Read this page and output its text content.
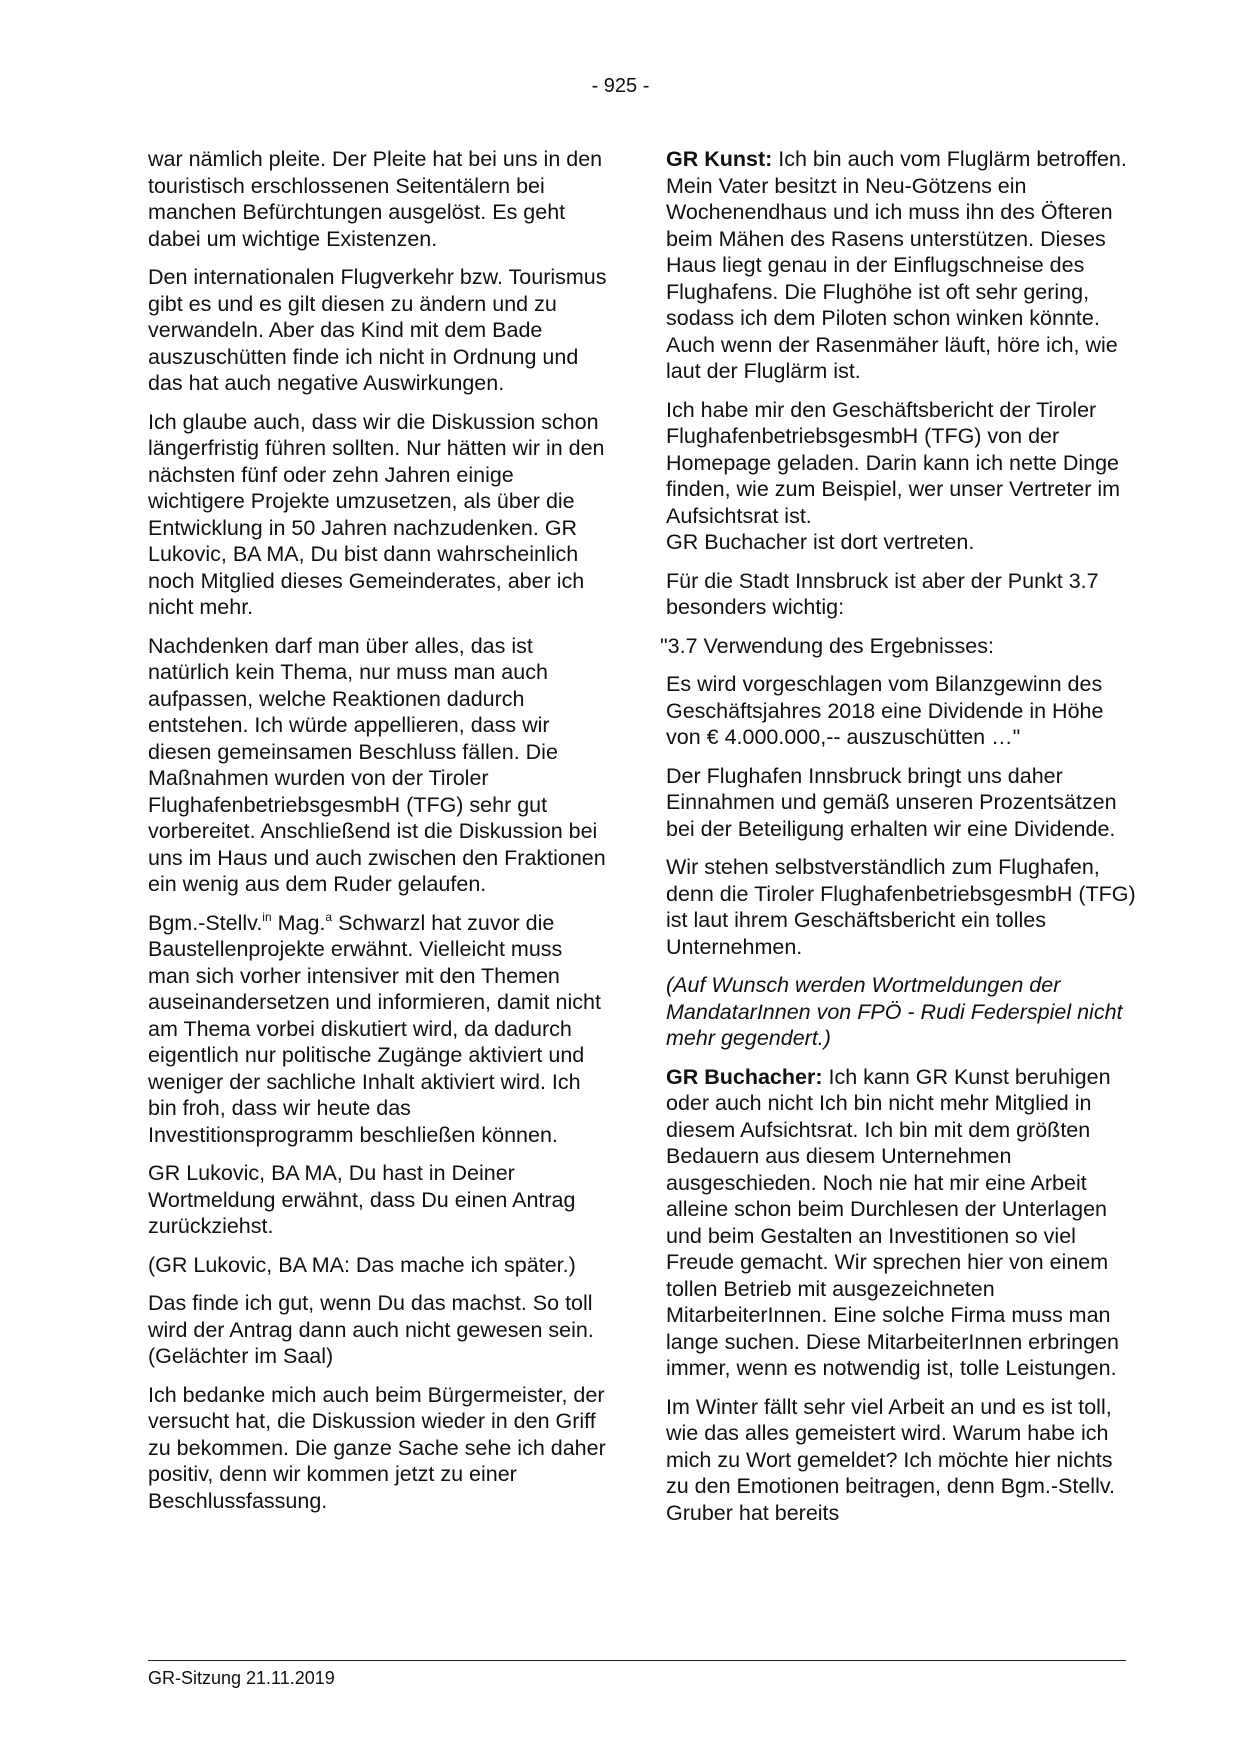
- 925 -

war nämlich pleite. Der Pleite hat bei uns in den touristisch erschlossenen Seitentälern bei manchen Befürchtungen ausgelöst. Es geht dabei um wichtige Existenzen.

Den internationalen Flugverkehr bzw. Tourismus gibt es und es gilt diesen zu ändern und zu verwandeln. Aber das Kind mit dem Bade auszuschütten finde ich nicht in Ordnung und das hat auch negative Auswirkungen.

Ich glaube auch, dass wir die Diskussion schon längerfristig führen sollten. Nur hätten wir in den nächsten fünf oder zehn Jahren einige wichtigere Projekte umzusetzen, als über die Entwicklung in 50 Jahren nachzudenken. GR Lukovic, BA MA, Du bist dann wahrscheinlich noch Mitglied dieses Gemeinderates, aber ich nicht mehr.

Nachdenken darf man über alles, das ist natürlich kein Thema, nur muss man auch aufpassen, welche Reaktionen dadurch entstehen. Ich würde appellieren, dass wir diesen gemeinsamen Beschluss fällen. Die Maßnahmen wurden von der Tiroler FlughafenbetriebsgesmbH (TFG) sehr gut vorbereitet. Anschließend ist die Diskussion bei uns im Haus und auch zwischen den Fraktionen ein wenig aus dem Ruder gelaufen.

Bgm.-Stellv.$^{in}$ Mag.$^a$ Schwarzl hat zuvor die Baustellenprojekte erwähnt. Vielleicht muss man sich vorher intensiver mit den Themen auseinandersetzen und informieren, damit nicht am Thema vorbei diskutiert wird, da dadurch eigentlich nur politische Zugänge aktiviert und weniger der sachliche Inhalt aktiviert wird. Ich bin froh, dass wir heute das Investitionsprogramm beschließen können.

GR Lukovic, BA MA, Du hast in Deiner Wortmeldung erwähnt, dass Du einen Antrag zurückziehst.

(GR Lukovic, BA MA: Das mache ich später.)

Das finde ich gut, wenn Du das machst. So toll wird der Antrag dann auch nicht gewesen sein. (Gelächter im Saal)

Ich bedanke mich auch beim Bürgermeister, der versucht hat, die Diskussion wieder in den Griff zu bekommen. Die ganze Sache sehe ich daher positiv, denn wir kommen jetzt zu einer Beschlussfassung.

GR Kunst: Ich bin auch vom Fluglärm betroffen. Mein Vater besitzt in Neu-Götzens ein Wochenendhaus und ich muss ihn des Öfteren beim Mähen des Rasens unterstützen. Dieses Haus liegt genau in der Einflugschneise des Flughafens. Die Flughöhe ist oft sehr gering, sodass ich dem Piloten schon winken könnte. Auch wenn der Rasenmäher läuft, höre ich, wie laut der Fluglärm ist.

Ich habe mir den Geschäftsbericht der Tiroler FlughafenbetriebsgesmbH (TFG) von der Homepage geladen. Darin kann ich nette Dinge finden, wie zum Beispiel, wer unser Vertreter im Aufsichtsrat ist.

GR Buchacher ist dort vertreten.

Für die Stadt Innsbruck ist aber der Punkt 3.7 besonders wichtig:

"3.7 Verwendung des Ergebnisses:

Es wird vorgeschlagen vom Bilanzgewinn des Geschäftsjahres 2018 eine Dividende in Höhe von € 4.000.000,-- auszuschütten …"

Der Flughafen Innsbruck bringt uns daher Einnahmen und gemäß unseren Prozentsätzen bei der Beteiligung erhalten wir eine Dividende.

Wir stehen selbstverständlich zum Flughafen, denn die Tiroler FlughafenbetriebsgesmbH (TFG) ist laut ihrem Geschäftsbericht ein tolles Unternehmen.

(Auf Wunsch werden Wortmeldungen der MandatarInnen von FPÖ - Rudi Federspiel nicht mehr gegendert.)

GR Buchacher: Ich kann GR Kunst beruhigen oder auch nicht Ich bin nicht mehr Mitglied in diesem Aufsichtsrat. Ich bin mit dem größten Bedauern aus diesem Unternehmen ausgeschieden. Noch nie hat mir eine Arbeit alleine schon beim Durchlesen der Unterlagen und beim Gestalten an Investitionen so viel Freude gemacht. Wir sprechen hier von einem tollen Betrieb mit ausgezeichneten MitarbeiterInnen. Eine solche Firma muss man lange suchen. Diese MitarbeiterInnen erbringen immer, wenn es notwendig ist, tolle Leistungen.

Im Winter fällt sehr viel Arbeit an und es ist toll, wie das alles gemeistert wird. Warum habe ich mich zu Wort gemeldet? Ich möchte hier nichts zu den Emotionen beitragen, denn Bgm.-Stellv. Gruber hat bereits

GR-Sitzung 21.11.2019
